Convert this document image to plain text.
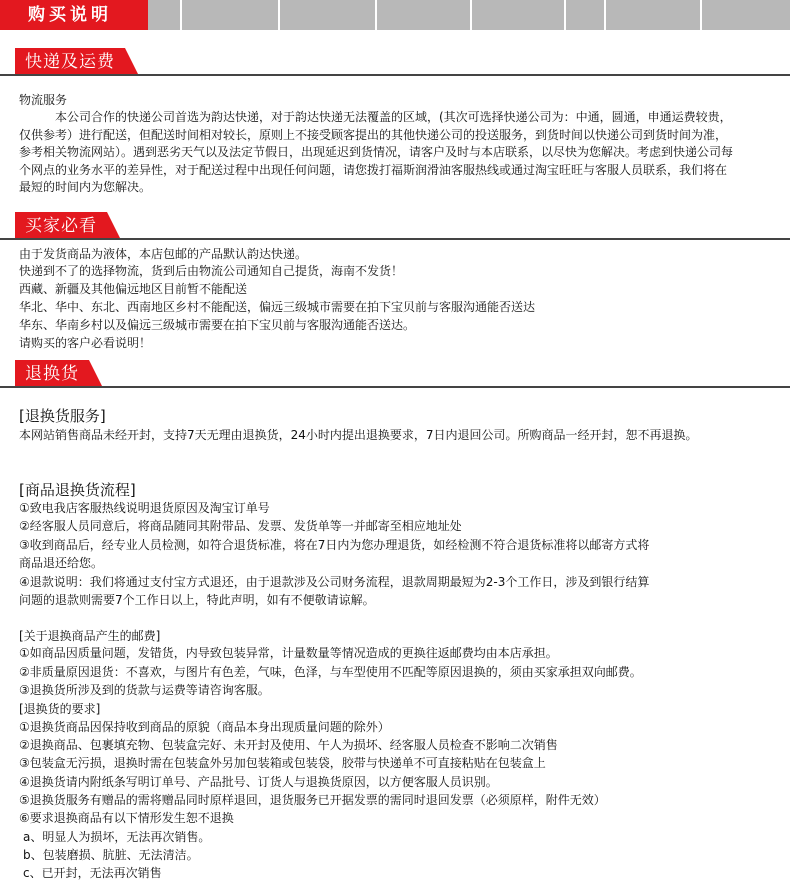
购买说明
快递及运费
物流服务
本公司合作的快递公司首选为韵达快递，对于韵达快递无法覆盖的区域，(其次可选择快递公司为：中通，圆通，申通运费较贵，仅供参考）进行配送，但配送时间相对较长，原则上不接受顾客提出的其他快递公司的投送服务，到货时间以快递公司到货时间为准，参考相关物流网站）。遇到恶劣天气以及法定节假日，出现延迟到货情况，请客户及时与本店联系，以尽快为您解决。考虑到快递公司每个网点的业务水平的差异性，对于配送过程中出现任何问题，请您拨打福斯润滑油客服热线或通过淘宝旺旺与客服人员联系，我们将在最短的时间内为您解决。
买家必看
由于发货商品为液体，本店包邮的产品默认韵达快递。
快递到不了的选择物流，货到后由物流公司通知自己提货，海南不发货！
西藏、新疆及其他偏远地区目前暂不能配送
华北、华中、东北、西南地区乡村不能配送，偏远三级城市需要在拍下宝贝前与客服沟通能否送达
华东、华南乡村以及偏远三级城市需要在拍下宝贝前与客服沟通能否送达。
请购买的客户必看说明！
退换货
[退换货服务]
本网站销售商品未经开封，支持7天无理由退换货，24小时内提出退换要求，7日内退回公司。所购商品一经开封，恕不再退换。
[商品退换货流程]
①致电我店客服热线说明退货原因及淘宝订单号
②经客服人员同意后，将商品随同其附带品、发票、发货单等一并邮寄至相应地址处
③收到商品后，经专业人员检测，如符合退货标准，将在7日内为您办理退货，如经检测不符合退货标准将以邮寄方式将
商品退还给您。
④退款说明：我们将通过支付宝方式退还，由于退款涉及公司财务流程，退款周期最短为2-3个工作日，涉及到银行结算
问题的退款则需要7个工作日以上，特此声明，如有不便敬请谅解。
[关于退换商品产生的邮费]
①如商品因质量问题，发错货，内导致包装异常，计量数量等情况造成的更换往返邮费均由本店承担。
②非质量原因退货：不喜欢，与图片有色差，气味，色泽，与车型使用不匹配等原因退换的，须由买家承担双向邮费。
③退换货所涉及到的货款与运费等请咨询客服。
[退换货的要求]
①退换货商品因保持收到商品的原貌（商品本身出现质量问题的除外）
②退换商品、包裹填充物、包装盒完好、未开封及使用、午人为损坏、经客服人员检查不影响二次销售
③包装盒无污损，退换时需在包装盒外另加包装箱或包装袋，胶带与快递单不可直接粘贴在包装盒上
④退换货请内附纸条写明订单号、产品批号、订货人与退换货原因，以方便客服人员识别。
⑤退换货服务有赠品的需将赠品同时原样退回，退货服务已开据发票的需同时退回发票（必须原样，附件无效）
⑥要求退换商品有以下情形发生恕不退换
a、明显人为损坏，无法再次销售。
b、包装磨损、肮脏、无法清洁。
c、已开封，无法再次销售
